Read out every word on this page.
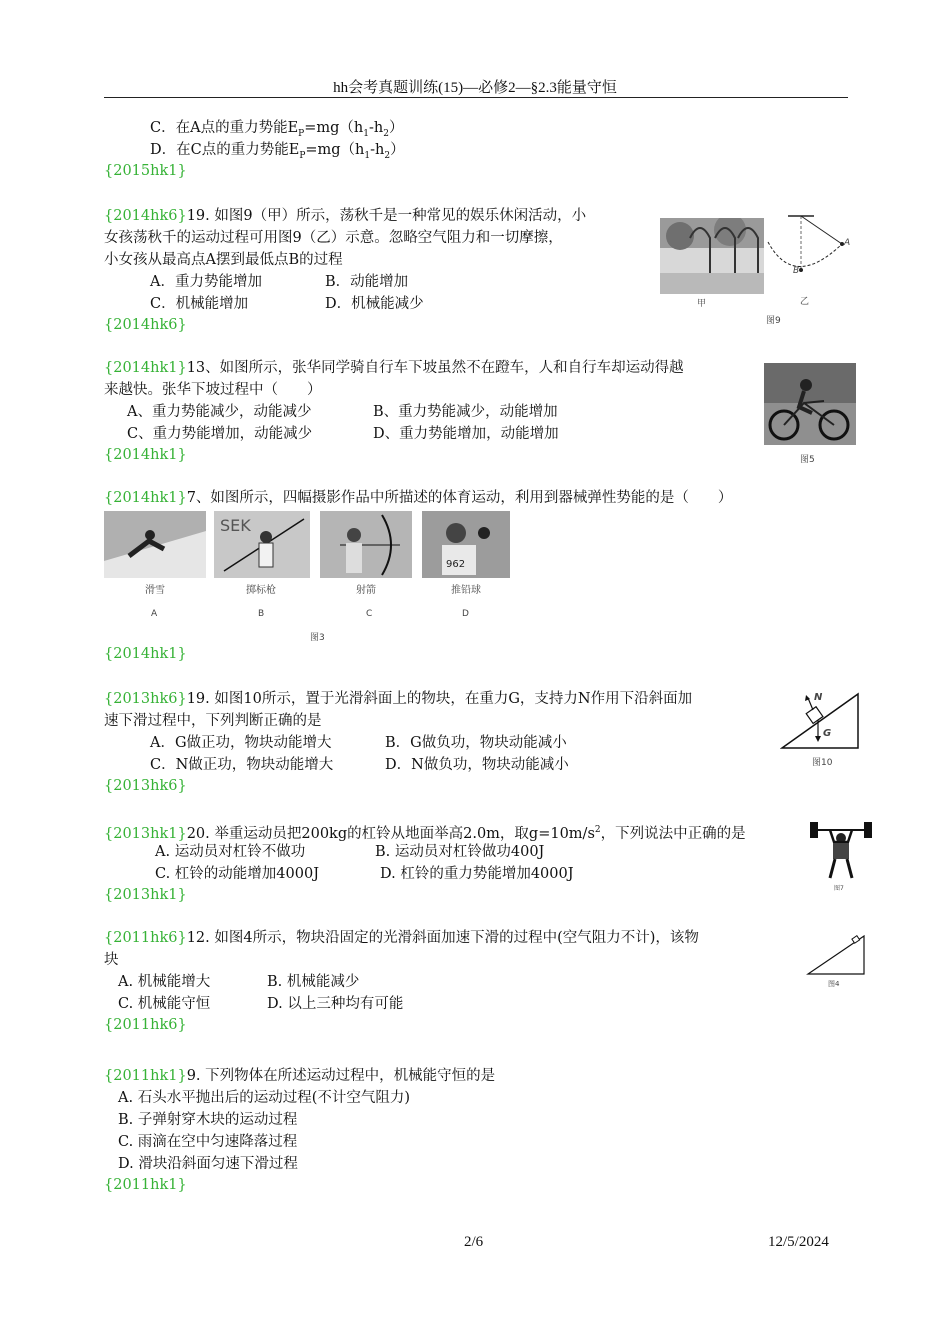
hh会考真题训练(15)—必修2—§2.3能量守恒
C．在A点的重力势能$E_P=mg(h_1-h_2)$
D．在C点的重力势能$E_P=mg(h_1-h_2)$
{2015hk1}
{2014hk6}19. 如图9（甲）所示，荡秋千是一种常见的娱乐休闲活动，小
女孩荡秋千的运动过程可用图9（乙）示意。忽略空气阻力和一切摩擦，
小女孩从最高点A摆到最低点B的过程
A．重力势能增加	B．动能增加
C．机械能增加	D．机械能减少
{2014hk6}
甲
A
B
乙
图9
{2014hk1}13、如图所示，张华同学骑自行车下坡虽然不在蹬车，人和自行车却运动得越
来越快。张华下坡过程中（　　）
A、重力势能减少，动能减少	B、重力势能减少，动能增加
C、重力势能增加，动能减少	D、重力势能增加，动能增加
{2014hk1}	图5
{2014hk1}7、如图所示，四幅摄影作品中所描述的体育运动，利用到器械弹性势能的是（　　）
SEK
962
滑雪	掷标枪	射箭	推铅球
A	B	C	D
图3
{2014hk1}
{2013hk6}19. 如图10所示，置于光滑斜面上的物块，在重力G，支持力N作用下沿斜面加
速下滑过程中，下列判断正确的是
A．G做正功，物块动能增大	B．G做负功，物块动能减小
C．N做正功，物块动能增大	D．N做负功，物块动能减小
{2013hk6}
N
G
图10
{2013hk1}20. 举重运动员把200kg的杠铃从地面举高2.0m，取$g=10m/s^2$，下列说法中正确的是
A. 运动员对杠铃不做功	B. 运动员对杠铃做功400J
C. 杠铃的动能增加4000J	D. 杠铃的重力势能增加4000J
{2013hk1}	图7
{2011hk6}12. 如图4所示，物块沿固定的光滑斜面加速下滑的过程中(空气阻力不计)，该物
块
A. 机械能增大	B. 机械能减少
C. 机械能守恒	D. 以上三种均有可能
{2011hk6}
图4
{2011hk1}9. 下列物体在所述运动过程中，机械能守恒的是
A. 石头水平抛出后的运动过程(不计空气阻力)
B. 子弹射穿木块的运动过程
C. 雨滴在空中匀速降落过程
D. 滑块沿斜面匀速下滑过程
{2011hk1}
2/6	12/5/2024
